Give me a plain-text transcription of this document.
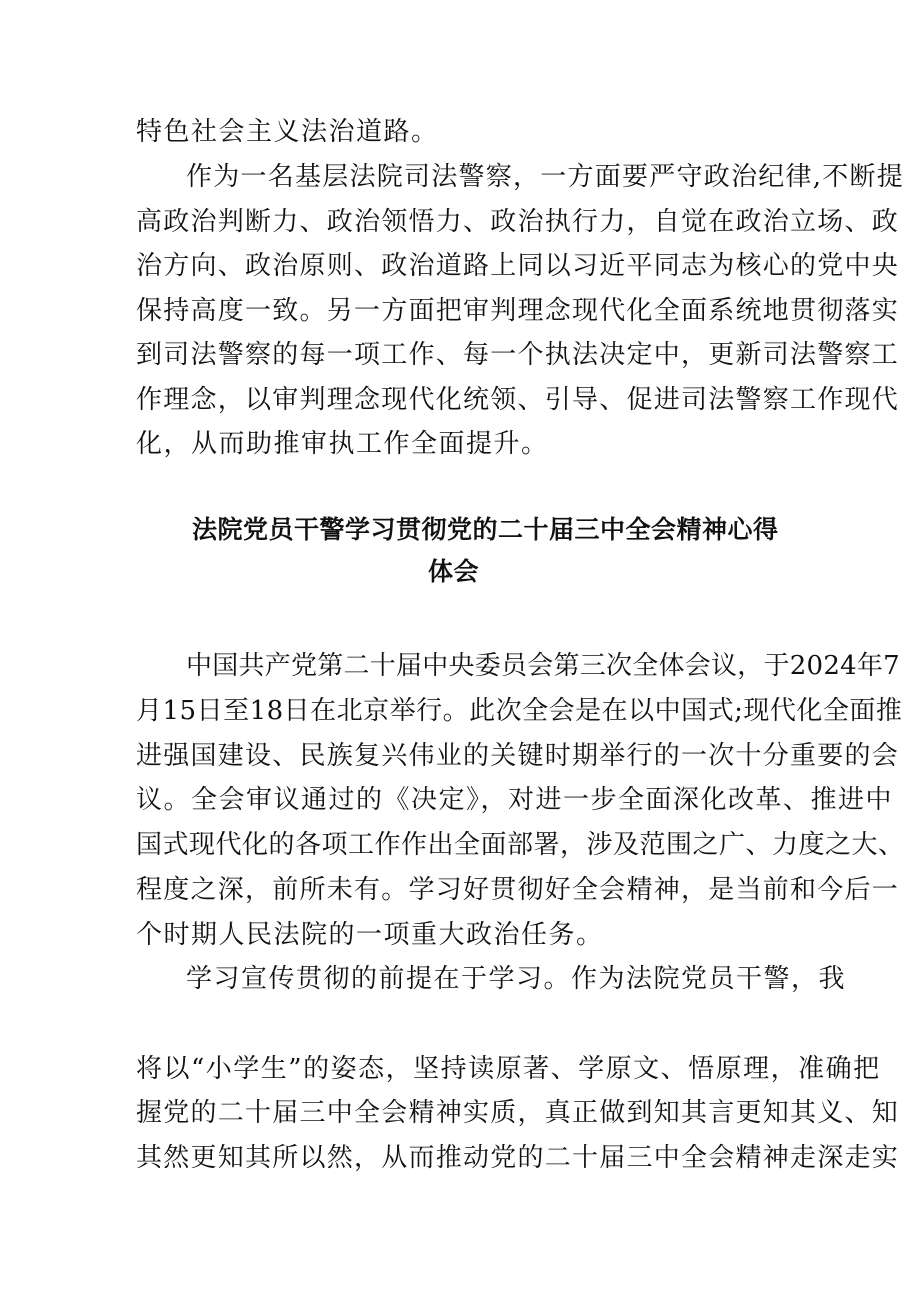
特色社会主义法治道路。
作为一名基层法院司法警察，一方面要严守政治纪律,不断提
高政治判断力、政治领悟力、政治执行力，自觉在政治立场、政
治方向、政治原则、政治道路上同以习近平同志为核心的党中央
保持高度一致。另一方面把审判理念现代化全面系统地贯彻落实
到司法警察的每一项工作、每一个执法决定中，更新司法警察工
作理念，以审判理念现代化统领、引导、促进司法警察工作现代
化，从而助推审执工作全面提升。
法院党员干警学习贯彻党的二十届三中全会精神心得
体会
中国共产党第二十届中央委员会第三次全体会议，于2024年7
月15日至18日在北京举行。此次全会是在以中国式;现代化全面推
进强国建设、民族复兴伟业的关键时期举行的一次十分重要的会
议。全会审议通过的《决定》，对进一步全面深化改革、推进中
国式现代化的各项工作作出全面部署，涉及范围之广、力度之大、
程度之深，前所未有。学习好贯彻好全会精神，是当前和今后一
个时期人民法院的一项重大政治任务。
学习宣传贯彻的前提在于学习。作为法院党员干警，我
将以“小学生”的姿态，坚持读原著、学原文、悟原理，准确把
握党的二十届三中全会精神实质，真正做到知其言更知其义、知
其然更知其所以然，从而推动党的二十届三中全会精神走深走实
